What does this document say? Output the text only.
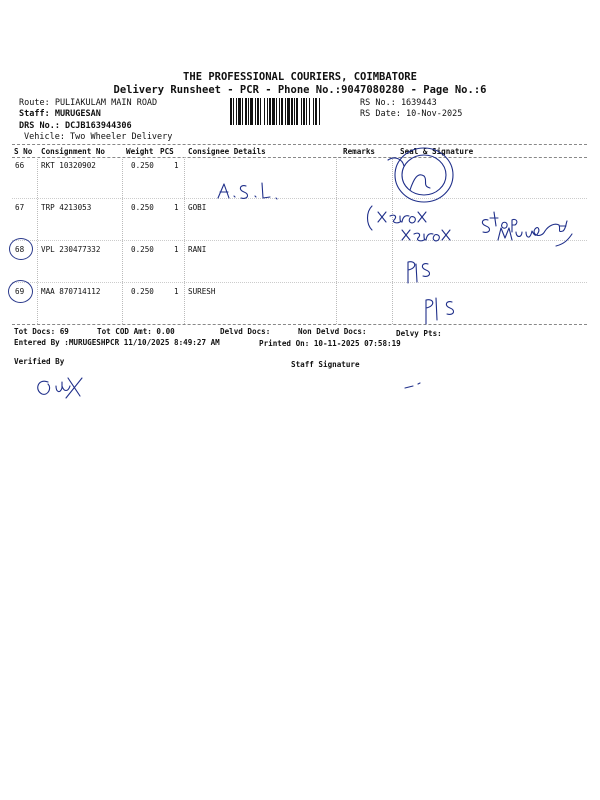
THE PROFESSIONAL COURIERS, COIMBATORE
Delivery Runsheet - PCR - Phone No.:9047080280 - Page No.:6
Route: PULIAKULAM MAIN ROAD
Staff: MURUGESAN
DRS No.: DCJB163944306
Vehicle: Two Wheeler Delivery
RS No.: 1639443
RS Date: 10-Nov-2025
S No Consignment No	Weight PCS Consignee Details	Remarks	Seal & Signature
66 RKT 10320902	0.250	1
67 TRP 4213053	0.250	1 GOBI
68 VPL 230477332	0.250	1 RANI
69 MAA 870714112	0.250	1 SURESH
Tot Docs: 69	Tot COD Amt: 0.00	Delvd Docs:	Non Delvd Docs:	Delvy Pts:
Entered By :MURUGESHPCR 11/10/2025 8:49:27 AM	Printed On: 10-11-2025 07:58:19
Verified By	Staff Signature
